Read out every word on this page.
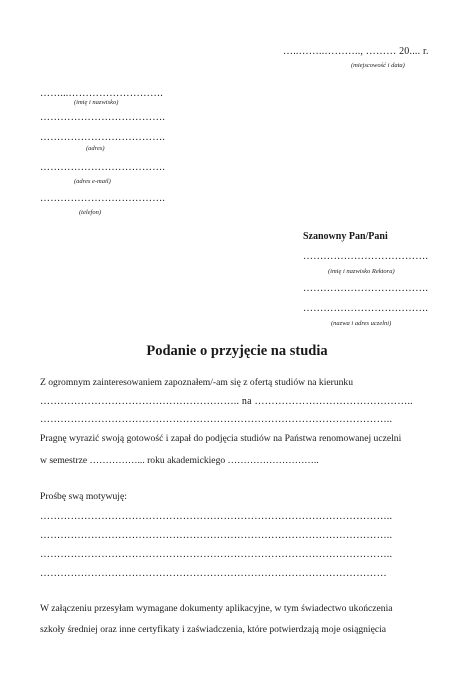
…..……..……….., ……… 20.... r.
(miejscowość i data)
……...……………………….
(imię i nazwisko)
……………………………….
……………………………….
(adres)
……………………………….
(adres e-mail)
……………………………….
(telefon)
Szanowny Pan/Pani
……………………………….
(imię i nazwisko Rektora)
……………………………….
……………………………….
(nazwa i adres uczelni)
Podanie o przyjęcie na studia
Z ogromnym zainteresowaniem zapoznałem/-am się z ofertą studiów na kierunku
………………………………………………….. na ………………………………………..
…………………………………………………………………………………………..
Pragnę wyrazić swoją gotowość i zapał do podjęcia studiów na Państwa renomowanej uczelni
w semestrze ……………... roku akademickiego ………………………..
Prośbę swą motywuję:
…………………………………………………………………………………………..
…………………………………………………………………………………………..
…………………………………………………………………………………………..
…………………………………………………………………………………………
W załączeniu przesyłam wymagane dokumenty aplikacyjne, w tym świadectwo ukończenia
szkoły średniej oraz inne certyfikaty i zaświadczenia, które potwierdzają moje osiągnięcia
